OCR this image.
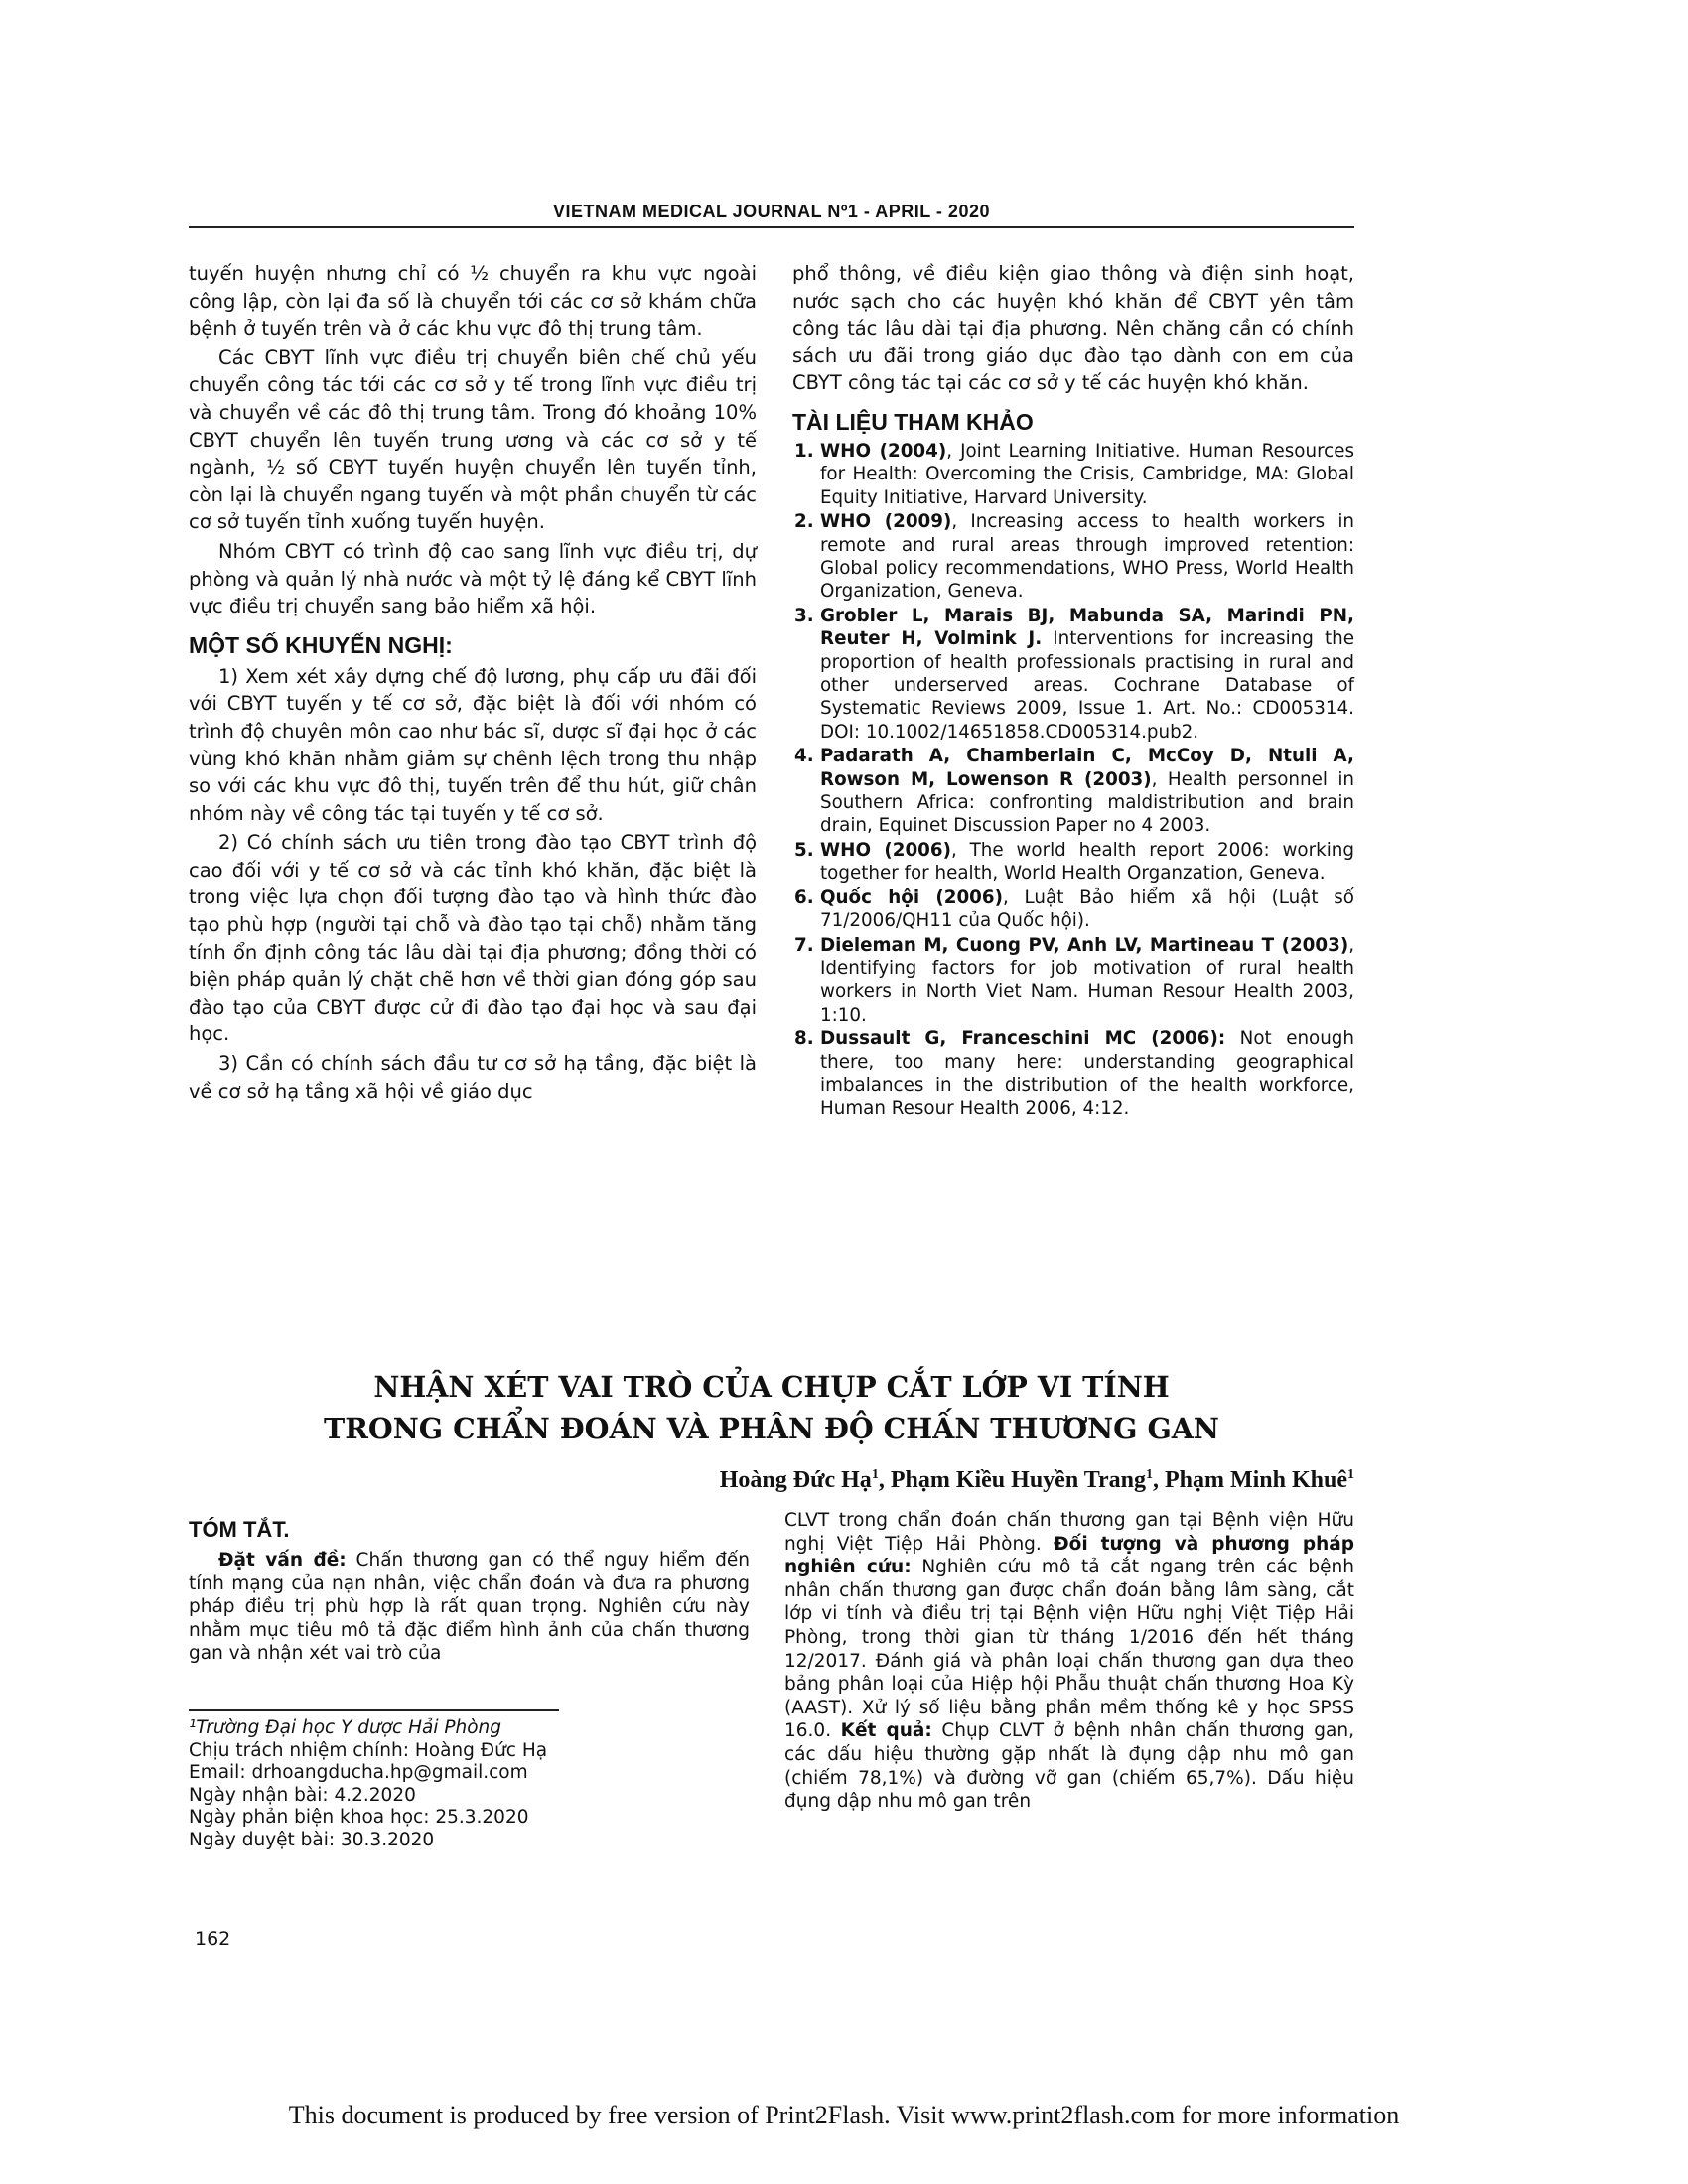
VIETNAM MEDICAL JOURNAL Nº1 - APRIL - 2020

tuyến huyện nhưng chỉ có ½ chuyển ra khu vực ngoài công lập, còn lại đa số là chuyển tới các cơ sở khám chữa bệnh ở tuyến trên và ở các khu vực đô thị trung tâm.

Các CBYT lĩnh vực điều trị chuyển biên chế chủ yếu chuyển công tác tới các cơ sở y tế trong lĩnh vực điều trị và chuyển về các đô thị trung tâm. Trong đó khoảng 10% CBYT chuyển lên tuyến trung ương và các cơ sở y tế ngành, ½ số CBYT tuyến huyện chuyển lên tuyến tỉnh, còn lại là chuyển ngang tuyến và một phần chuyển từ các cơ sở tuyến tỉnh xuống tuyến huyện.

Nhóm CBYT có trình độ cao sang lĩnh vực điều trị, dự phòng và quản lý nhà nước và một tỷ lệ đáng kể CBYT lĩnh vực điều trị chuyển sang bảo hiểm xã hội.

MỘT SỐ KHUYẾN NGHỊ:

1) Xem xét xây dựng chế độ lương, phụ cấp ưu đãi đối với CBYT tuyến y tế cơ sở, đặc biệt là đối với nhóm có trình độ chuyên môn cao như bác sĩ, dược sĩ đại học ở các vùng khó khăn nhằm giảm sự chênh lệch trong thu nhập so với các khu vực đô thị, tuyến trên để thu hút, giữ chân nhóm này về công tác tại tuyến y tế cơ sở.

2) Có chính sách ưu tiên trong đào tạo CBYT trình độ cao đối với y tế cơ sở và các tỉnh khó khăn, đặc biệt là trong việc lựa chọn đối tượng đào tạo và hình thức đào tạo phù hợp (người tại chỗ và đào tạo tại chỗ) nhằm tăng tính ổn định công tác lâu dài tại địa phương; đồng thời có biện pháp quản lý chặt chẽ hơn về thời gian đóng góp sau đào tạo của CBYT được cử đi đào tạo đại học và sau đại học.

3) Cần có chính sách đầu tư cơ sở hạ tầng, đặc biệt là về cơ sở hạ tầng xã hội về giáo dục

phổ thông, về điều kiện giao thông và điện sinh hoạt, nước sạch cho các huyện khó khăn để CBYT yên tâm công tác lâu dài tại địa phương. Nên chăng cần có chính sách ưu đãi trong giáo dục đào tạo dành con em của CBYT công tác tại các cơ sở y tế các huyện khó khăn.

TÀI LIỆU THAM KHẢO
1. WHO (2004), Joint Learning Initiative. Human Resources for Health: Overcoming the Crisis, Cambridge, MA: Global Equity Initiative, Harvard University.
2. WHO (2009), Increasing access to health workers in remote and rural areas through improved retention: Global policy recommendations, WHO Press, World Health Organization, Geneva.
3. Grobler L, Marais BJ, Mabunda SA, Marindi PN, Reuter H, Volmink J. Interventions for increasing the proportion of health professionals practising in rural and other underserved areas. Cochrane Database of Systematic Reviews 2009, Issue 1. Art. No.: CD005314. DOI: 10.1002/14651858.CD005314.pub2.
4. Padarath A, Chamberlain C, McCoy D, Ntuli A, Rowson M, Lowenson R (2003), Health personnel in Southern Africa: confronting maldistribution and brain drain, Equinet Discussion Paper no 4 2003.
5. WHO (2006), The world health report 2006: working together for health, World Health Organzation, Geneva.
6. Quốc hội (2006), Luật Bảo hiểm xã hội (Luật số 71/2006/QH11 của Quốc hội).
7. Dieleman M, Cuong PV, Anh LV, Martineau T (2003), Identifying factors for job motivation of rural health workers in North Viet Nam. Human Resour Health 2003, 1:10.
8. Dussault G, Franceschini MC (2006): Not enough there, too many here: understanding geographical imbalances in the distribution of the health workforce, Human Resour Health 2006, 4:12.
NHẬN XÉT VAI TRÒ CỦA CHỤP CẮT LỚP VI TÍNH
TRONG CHẨN ĐOÁN VÀ PHÂN ĐỘ CHẤN THƯƠNG GAN
Hoàng Đức Hạ$^1$, Phạm Kiều Huyền Trang$^1$, Phạm Minh Khuê$^1$
TÓM TẮT.

Đặt vấn đề: Chấn thương gan có thể nguy hiểm đến tính mạng của nạn nhân, việc chẩn đoán và đưa ra phương pháp điều trị phù hợp là rất quan trọng. Nghiên cứu này nhằm mục tiêu mô tả đặc điểm hình ảnh của chấn thương gan và nhận xét vai trò của

CLVT trong chẩn đoán chấn thương gan tại Bệnh viện Hữu nghị Việt Tiệp Hải Phòng. Đối tượng và phương pháp nghiên cứu: Nghiên cứu mô tả cắt ngang trên các bệnh nhân chấn thương gan được chẩn đoán bằng lâm sàng, cắt lớp vi tính và điều trị tại Bệnh viện Hữu nghị Việt Tiệp Hải Phòng, trong thời gian từ tháng 1/2016 đến hết tháng 12/2017. Đánh giá và phân loại chấn thương gan dựa theo bảng phân loại của Hiệp hội Phẫu thuật chấn thương Hoa Kỳ (AAST). Xử lý số liệu bằng phần mềm thống kê y học SPSS 16.0. Kết quả: Chụp CLVT ở bệnh nhân chấn thương gan, các dấu hiệu thường gặp nhất là đụng dập nhu mô gan (chiếm 78,1%) và đường vỡ gan (chiếm 65,7%). Dấu hiệu đụng dập nhu mô gan trên

¹Trường Đại học Y dược Hải Phòng
Chịu trách nhiệm chính: Hoàng Đức Hạ
Email: drhoangducha.hp@gmail.com
Ngày nhận bài: 4.2.2020
Ngày phản biện khoa học: 25.3.2020
Ngày duyệt bài: 30.3.2020
162
This document is produced by free version of Print2Flash. Visit www.print2flash.com for more information
